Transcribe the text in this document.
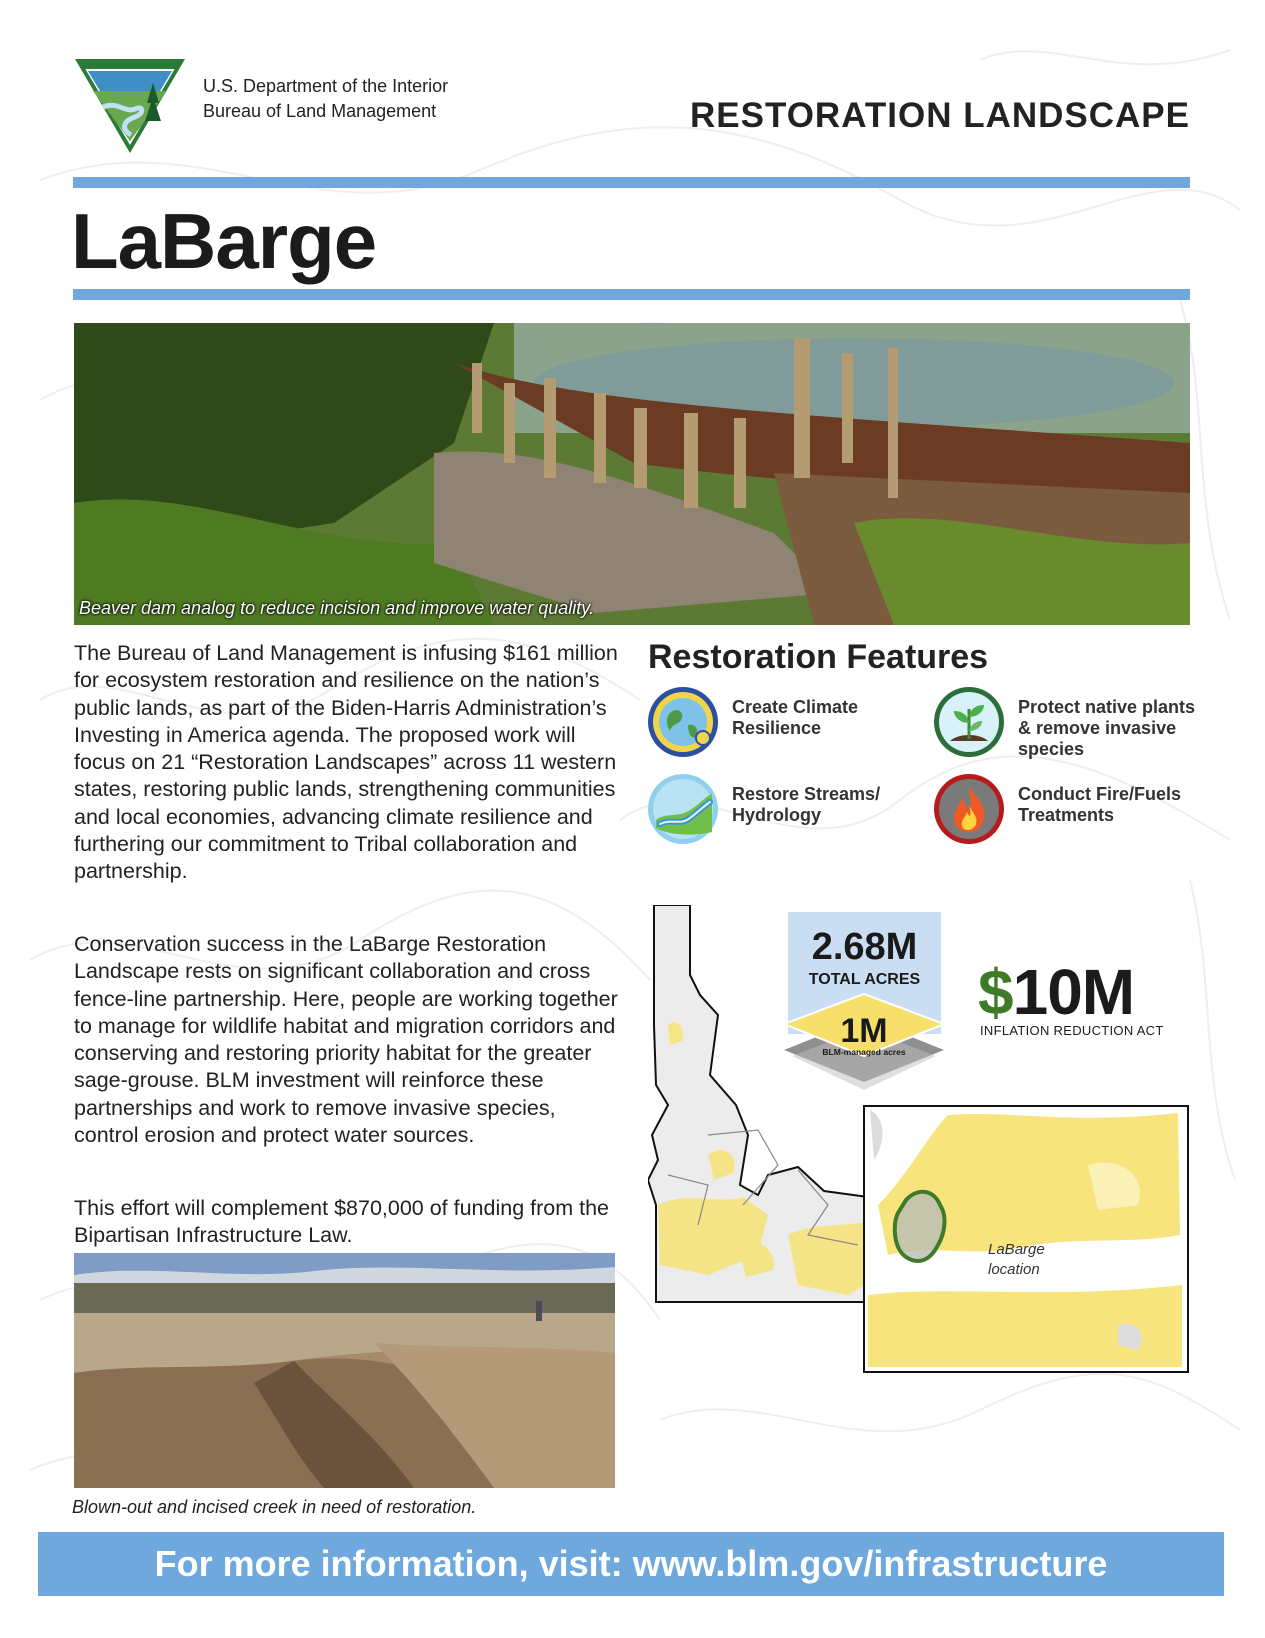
U.S. Department of the Interior
Bureau of Land Management	RESTORATION LANDSCAPE
LaBarge
Beaver dam analog to reduce incision and improve water quality.

The Bureau of Land Management is infusing $161 million for ecosystem restoration and resilience on the nation’s public lands, as part of the Biden-Harris Administration’s Investing in America agenda. The proposed work will focus on 21 “Restoration Landscapes” across 11 western states, restoring public lands, strengthening communities and local economies, advancing climate resilience and furthering our commitment to Tribal collaboration and partnership.

Conservation success in the LaBarge Restoration Landscape rests on significant collaboration and cross fence-line partnership. Here, people are working together to manage for wildlife habitat and migration corridors and conserving and restoring priority habitat for the greater sage-grouse. BLM investment will reinforce these partnerships and work to remove invasive species, control erosion and protect water sources.

This effort will complement $870,000 of funding from the Bipartisan Infrastructure Law.

Restoration Features
Create Climate Resilience
Protect native plants & remove invasive species
Restore Streams/ Hydrology
Conduct Fire/Fuels Treatments
LaBarge
location
2.68M
TOTAL ACRES
1M
BLM-managed acres
$10M
INFLATION REDUCTION ACT
Blown-out and incised creek in need of restoration.
For more information, visit: www.blm.gov/infrastructure
